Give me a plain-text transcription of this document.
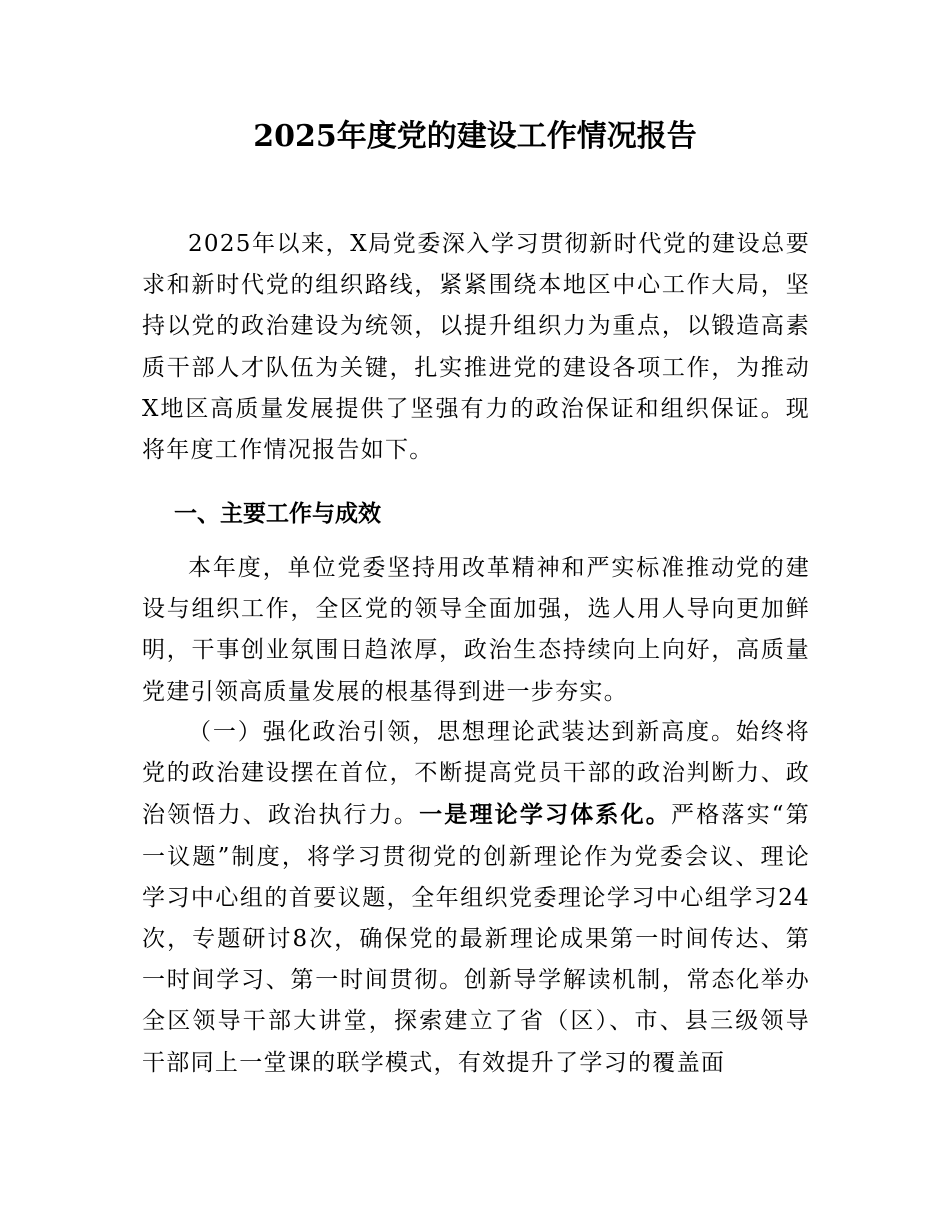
2025年度党的建设工作情况报告

2025年以来，X局党委深入学习贯彻新时代党的建设总要求和新时代党的组织路线，紧紧围绕本地区中心工作大局，坚持以党的政治建设为统领，以提升组织力为重点，以锻造高素质干部人才队伍为关键，扎实推进党的建设各项工作，为推动X地区高质量发展提供了坚强有力的政治保证和组织保证。现将年度工作情况报告如下。

一、主要工作与成效

本年度，单位党委坚持用改革精神和严实标准推动党的建设与组织工作，全区党的领导全面加强，选人用人导向更加鲜明，干事创业氛围日趋浓厚，政治生态持续向上向好，高质量党建引领高质量发展的根基得到进一步夯实。

（一）强化政治引领，思想理论武装达到新高度。始终将党的政治建设摆在首位，不断提高党员干部的政治判断力、政治领悟力、政治执行力。一是理论学习体系化。严格落实“第一议题”制度，将学习贯彻党的创新理论作为党委会议、理论学习中心组的首要议题，全年组织党委理论学习中心组学习24次，专题研讨8次，确保党的最新理论成果第一时间传达、第一时间学习、第一时间贯彻。创新导学解读机制，常态化举办全区领导干部大讲堂，探索建立了省（区）、市、县三级领导干部同上一堂课的联学模式，有效提升了学习的覆盖面
